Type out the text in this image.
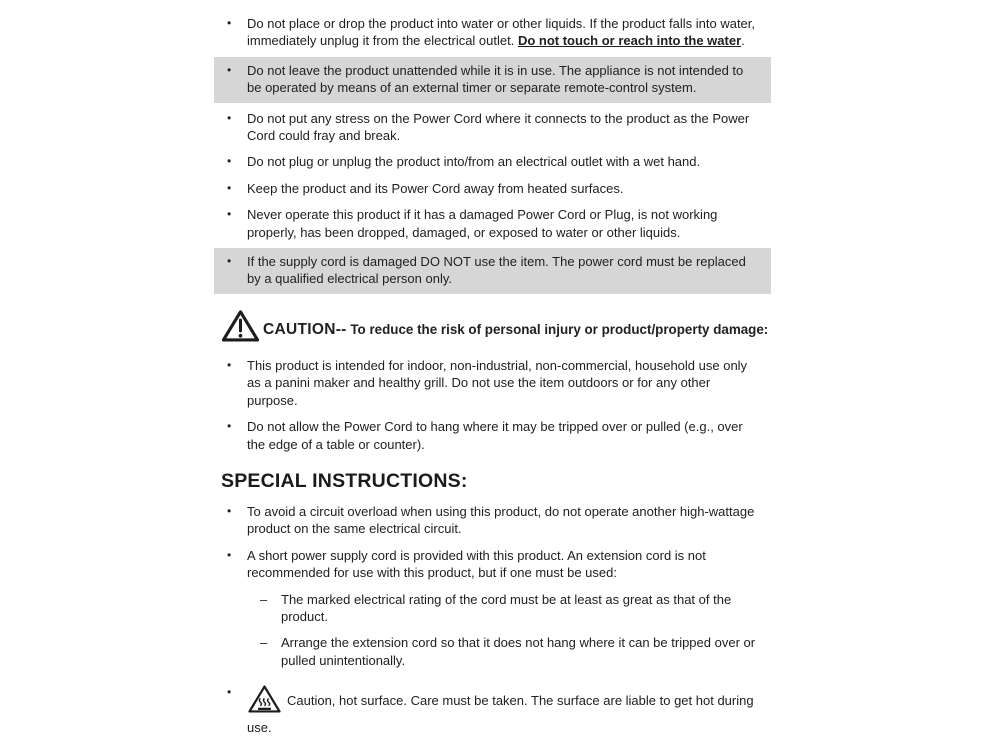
•	Do not place or drop the product into water or other liquids. If the product falls into water, immediately unplug it from the electrical outlet. Do not touch or reach into the water.
•	Do not leave the product unattended while it is in use. The appliance is not intended to be operated by means of an external timer or separate remote-control system.
•	Do not put any stress on the Power Cord where it connects to the product as the Power Cord could fray and break.
•	Do not plug or unplug the product into/from an electrical outlet with a wet hand.
•	Keep the product and its Power Cord away from heated surfaces.
•	Never operate this product if it has a damaged Power Cord or Plug, is not working properly, has been dropped, damaged, or exposed to water or other liquids.
•	If the supply cord is damaged DO NOT use the item. The power cord must be replaced by a qualified electrical person only.
CAUTION-- To reduce the risk of personal injury or product/property damage:
•	This product is intended for indoor, non-industrial, non-commercial, household use only as a panini maker and healthy grill. Do not use the item outdoors or for any other purpose.
•	Do not allow the Power Cord to hang where it may be tripped over or pulled (e.g., over the edge of a table or counter).
SPECIAL INSTRUCTIONS:
•	To avoid a circuit overload when using this product, do not operate another high-wattage product on the same electrical circuit.
•	A short power supply cord is provided with this product. An extension cord is not recommended for use with this product, but if one must be used:
–	The marked electrical rating of the cord must be at least as great as that of the product.
–	Arrange the extension cord so that it does not hang where it can be tripped over or pulled unintentionally.
•
Caution, hot surface. Care must be taken. The surface are liable to get hot during use.
